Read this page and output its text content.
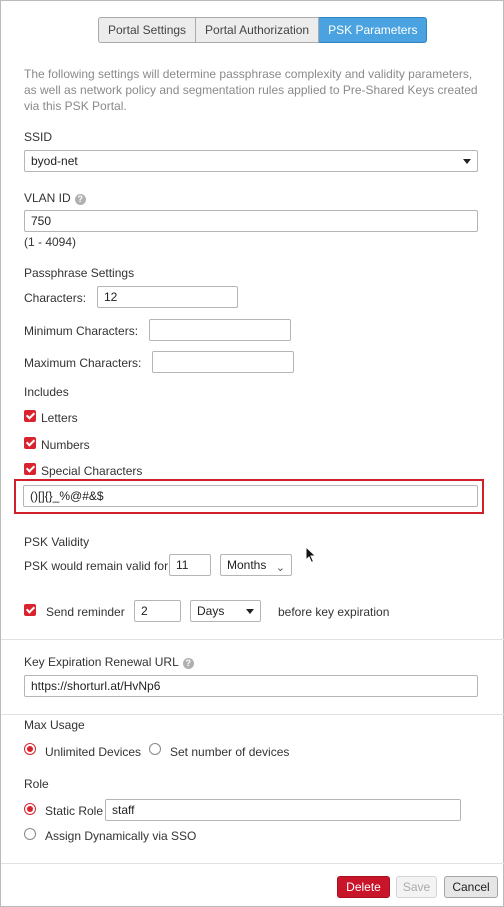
Portal Settings	Portal Authorization	PSK Parameters
The following settings will determine passphrase complexity and validity parameters, as well as network policy and segmentation rules applied to Pre-Shared Keys created via this PSK Portal.
SSID
byod-net
VLAN ID ?
750
(1 - 4094)
Passphrase Settings
Characters:	12
Minimum Characters:
Maximum Characters:
Includes
Letters
Numbers
Special Characters
()[]{}_%@#&$
PSK Validity
PSK would remain valid for 11	Months ⌄
Send reminder	2	Days	before key expiration
Key Expiration Renewal URL ?
https://shorturl.at/HvNp6
Max Usage
Unlimited Devices Set number of devices
Role
Static Role staff
Assign Dynamically via SSO
Delete	Save	Cancel
